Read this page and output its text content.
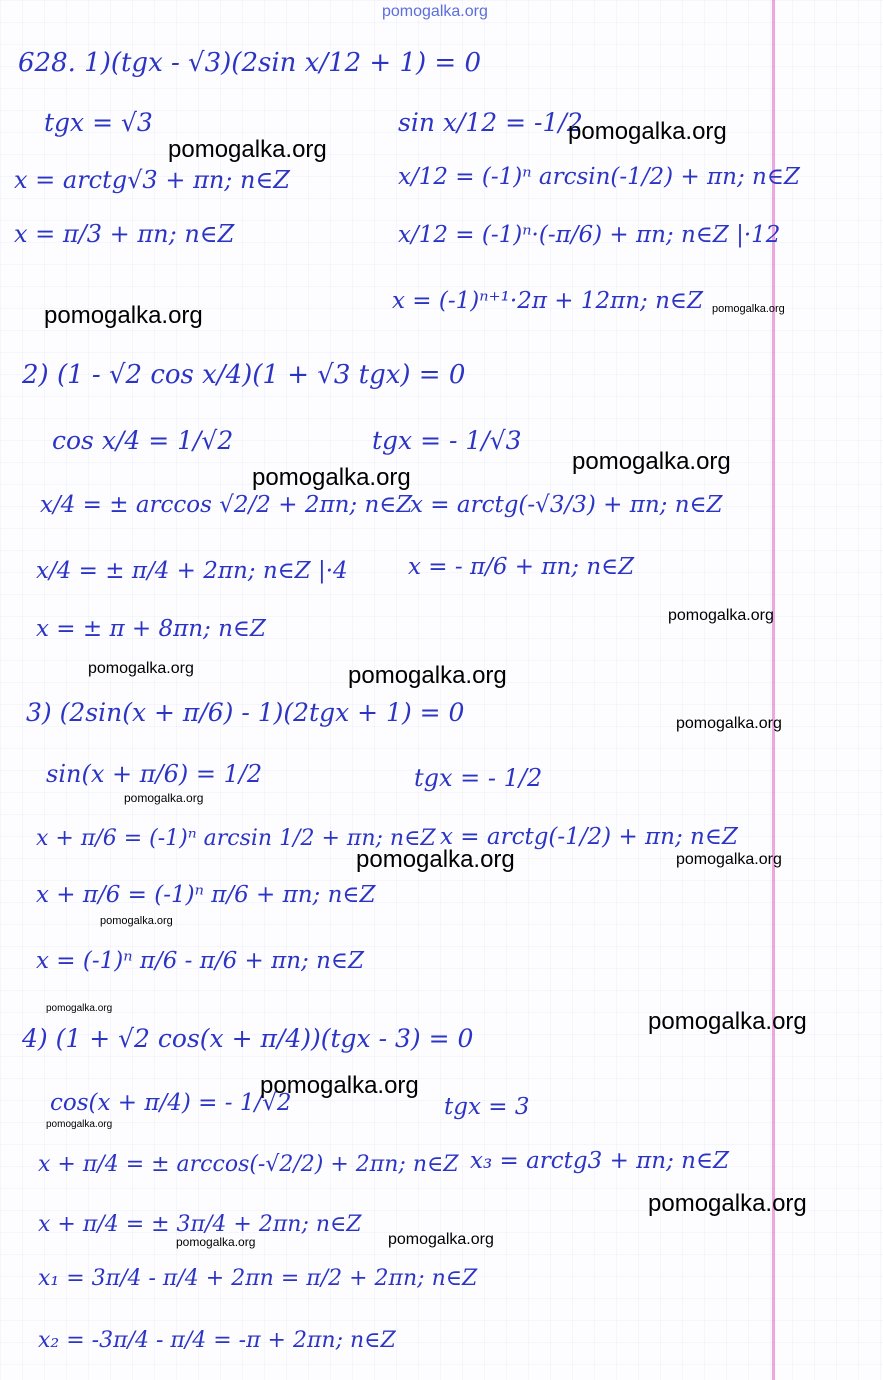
pomogalka.org
628. 1)(tgx - √3)(2sin x/12 + 1) = 0
tgx = √3
x = arctg√3 + πn; n∈Z
x = π/3 + πn; n∈Z
sin x/12 = -1/2
x/12 = (-1)ⁿ arcsin(-1/2) + πn; n∈Z
x/12 = (-1)ⁿ·(-π/6) + πn; n∈Z |·12
x = (-1)ⁿ⁺¹·2π + 12πn; n∈Z
2) (1 - √2 cos x/4)(1 + √3 tgx) = 0
cos x/4 = 1/√2
x/4 = ± arccos √2/2 + 2πn; n∈Z
x/4 = ± π/4 + 2πn; n∈Z |·4
x = ± π + 8πn; n∈Z
tgx = - 1/√3
x = arctg(-√3/3) + πn; n∈Z
x = - π/6 + πn; n∈Z
3) (2sin(x + π/6) - 1)(2tgx + 1) = 0
sin(x + π/6) = 1/2
x + π/6 = (-1)ⁿ arcsin 1/2 + πn; n∈Z
x + π/6 = (-1)ⁿ π/6 + πn; n∈Z
x = (-1)ⁿ π/6 - π/6 + πn; n∈Z
tgx = - 1/2
x = arctg(-1/2) + πn; n∈Z
4) (1 + √2 cos(x + π/4))(tgx - 3) = 0
cos(x + π/4) = - 1/√2
x + π/4 = ± arccos(-√2/2) + 2πn; n∈Z
x + π/4 = ± 3π/4 + 2πn; n∈Z
x₁ = 3π/4 - π/4 + 2πn = π/2 + 2πn; n∈Z
x₂ = -3π/4 - π/4 = -π + 2πn; n∈Z
tgx = 3
x₃ = arctg3 + πn; n∈Z
pomogalka.org
pomogalka.org
pomogalka.org	pomogalka.org
pomogalka.org
pomogalka.org
pomogalka.org
pomogalka.org	pomogalka.org
pomogalka.org
pomogalka.org
pomogalka.org	pomogalka.org
pomogalka.org
pomogalka.org	pomogalka.org
pomogalka.org
pomogalka.org
pomogalka.org
pomogalka.org	pomogalka.org
